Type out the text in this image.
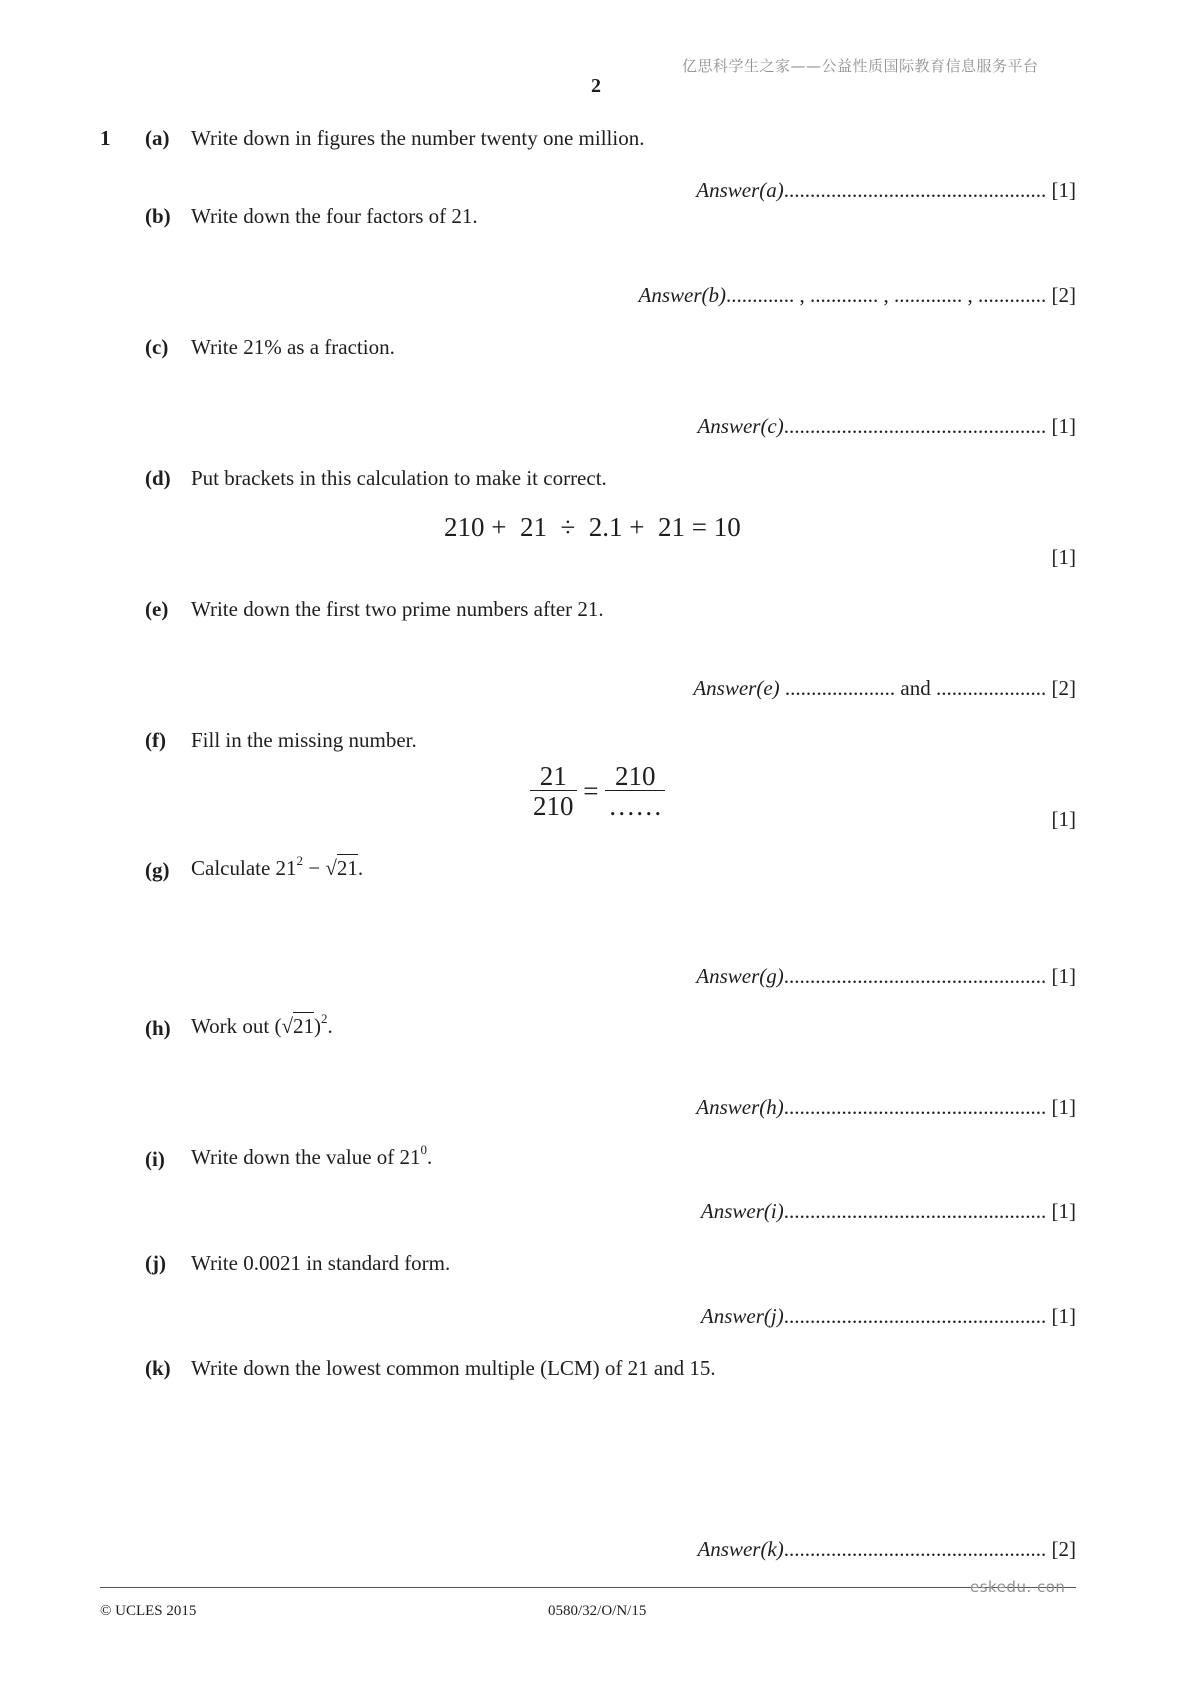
亿思科学生之家——公益性质国际教育信息服务平台
2
1 (a) Write down in figures the number twenty one million.
Answer(a).................................................. [1]
(b) Write down the four factors of 21.
Answer(b)............. , ............. , ............. , ............. [2]
(c) Write 21% as a fraction.
Answer(c).................................................. [1]
(d) Put brackets in this calculation to make it correct.
210 +  21  ÷  2.1 +  21 = 10
[1]
(e) Write down the first two prime numbers after 21.
Answer(e) ..................... and ..................... [2]
(f) Fill in the missing number.
$\frac{21}{210} = \frac{210}{\dots\dots}$	[1]
(g) Calculate $21^2 - √21$.
Answer(g).................................................. [1]
(h) Work out $(√21)^2$.
Answer(h).................................................. [1]
(i) Write down the value of $21^0$.
Answer(i).................................................. [1]
(j) Write 0.0021 in standard form.
Answer(j).................................................. [1]
(k) Write down the lowest common multiple (LCM) of 21 and 15.
Answer(k).................................................. [2]
eskedu. con
© UCLES 2015	0580/32/O/N/15
